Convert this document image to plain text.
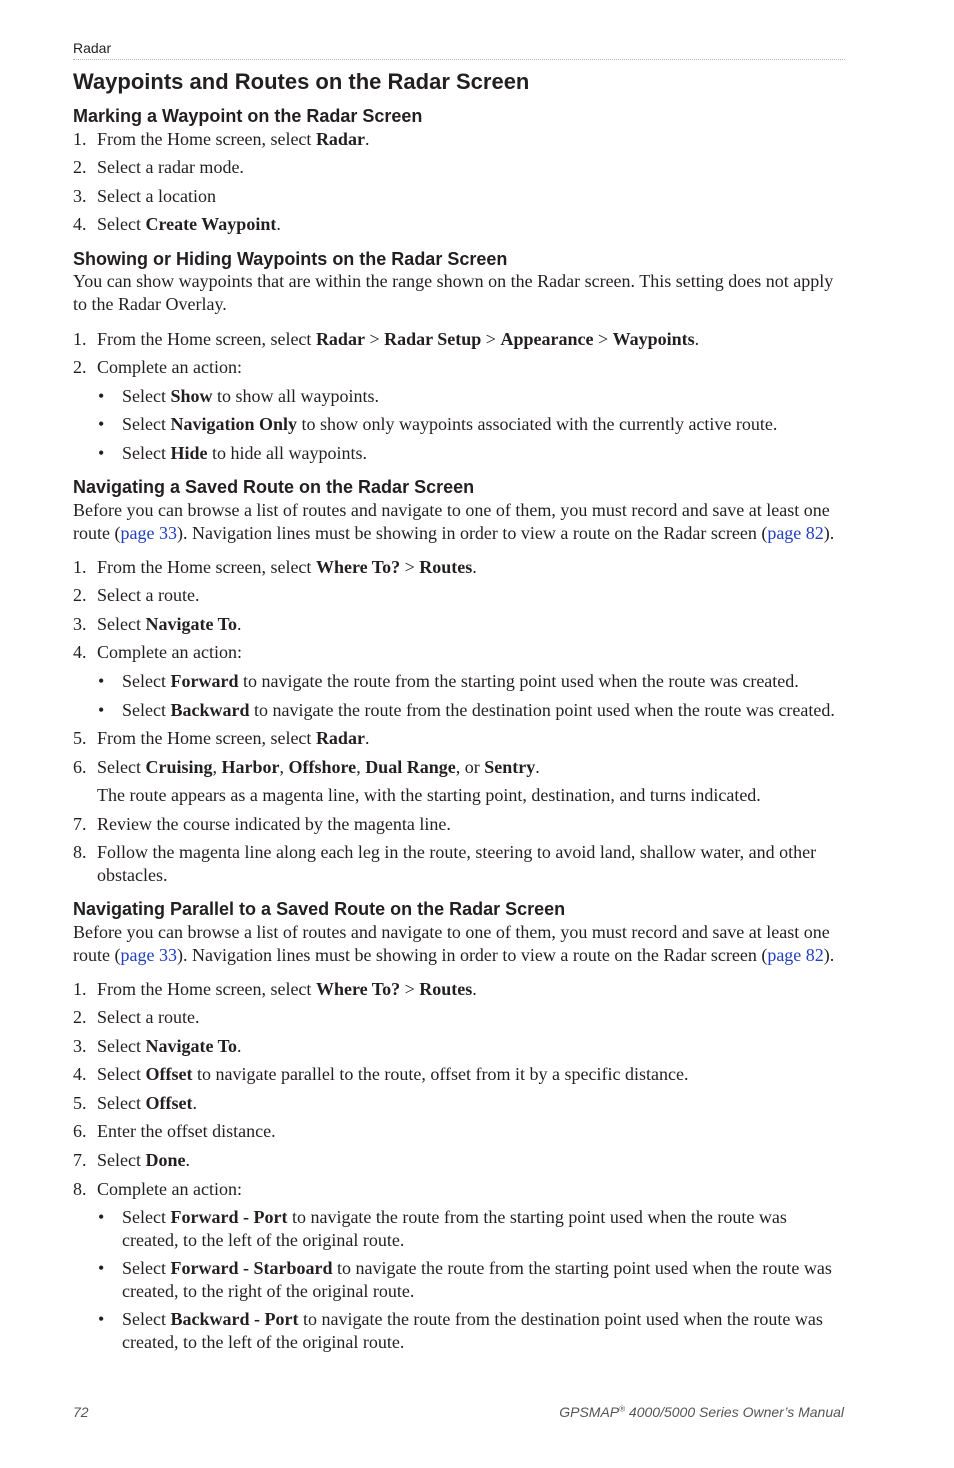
Radar
Waypoints and Routes on the Radar Screen
Marking a Waypoint on the Radar Screen
1. From the Home screen, select Radar.
2. Select a radar mode.
3. Select a location
4. Select Create Waypoint.
Showing or Hiding Waypoints on the Radar Screen
You can show waypoints that are within the range shown on the Radar screen. This setting does not apply to the Radar Overlay.
1. From the Home screen, select Radar > Radar Setup > Appearance > Waypoints.
2. Complete an action:
• Select Show to show all waypoints.
• Select Navigation Only to show only waypoints associated with the currently active route.
• Select Hide to hide all waypoints.
Navigating a Saved Route on the Radar Screen
Before you can browse a list of routes and navigate to one of them, you must record and save at least one route (page 33). Navigation lines must be showing in order to view a route on the Radar screen (page 82).
1. From the Home screen, select Where To? > Routes.
2. Select a route.
3. Select Navigate To.
4. Complete an action:
• Select Forward to navigate the route from the starting point used when the route was created.
• Select Backward to navigate the route from the destination point used when the route was created.
5. From the Home screen, select Radar.
6. Select Cruising, Harbor, Offshore, Dual Range, or Sentry.
The route appears as a magenta line, with the starting point, destination, and turns indicated.
7. Review the course indicated by the magenta line.
8. Follow the magenta line along each leg in the route, steering to avoid land, shallow water, and other obstacles.
Navigating Parallel to a Saved Route on the Radar Screen
Before you can browse a list of routes and navigate to one of them, you must record and save at least one route (page 33). Navigation lines must be showing in order to view a route on the Radar screen (page 82).
1. From the Home screen, select Where To? > Routes.
2. Select a route.
3. Select Navigate To.
4. Select Offset to navigate parallel to the route, offset from it by a specific distance.
5. Select Offset.
6. Enter the offset distance.
7. Select Done.
8. Complete an action:
• Select Forward - Port to navigate the route from the starting point used when the route was created, to the left of the original route.
• Select Forward - Starboard to navigate the route from the starting point used when the route was created, to the right of the original route.
• Select Backward - Port to navigate the route from the destination point used when the route was created, to the left of the original route.
72	GPSMAP® 4000/5000 Series Owner’s Manual
